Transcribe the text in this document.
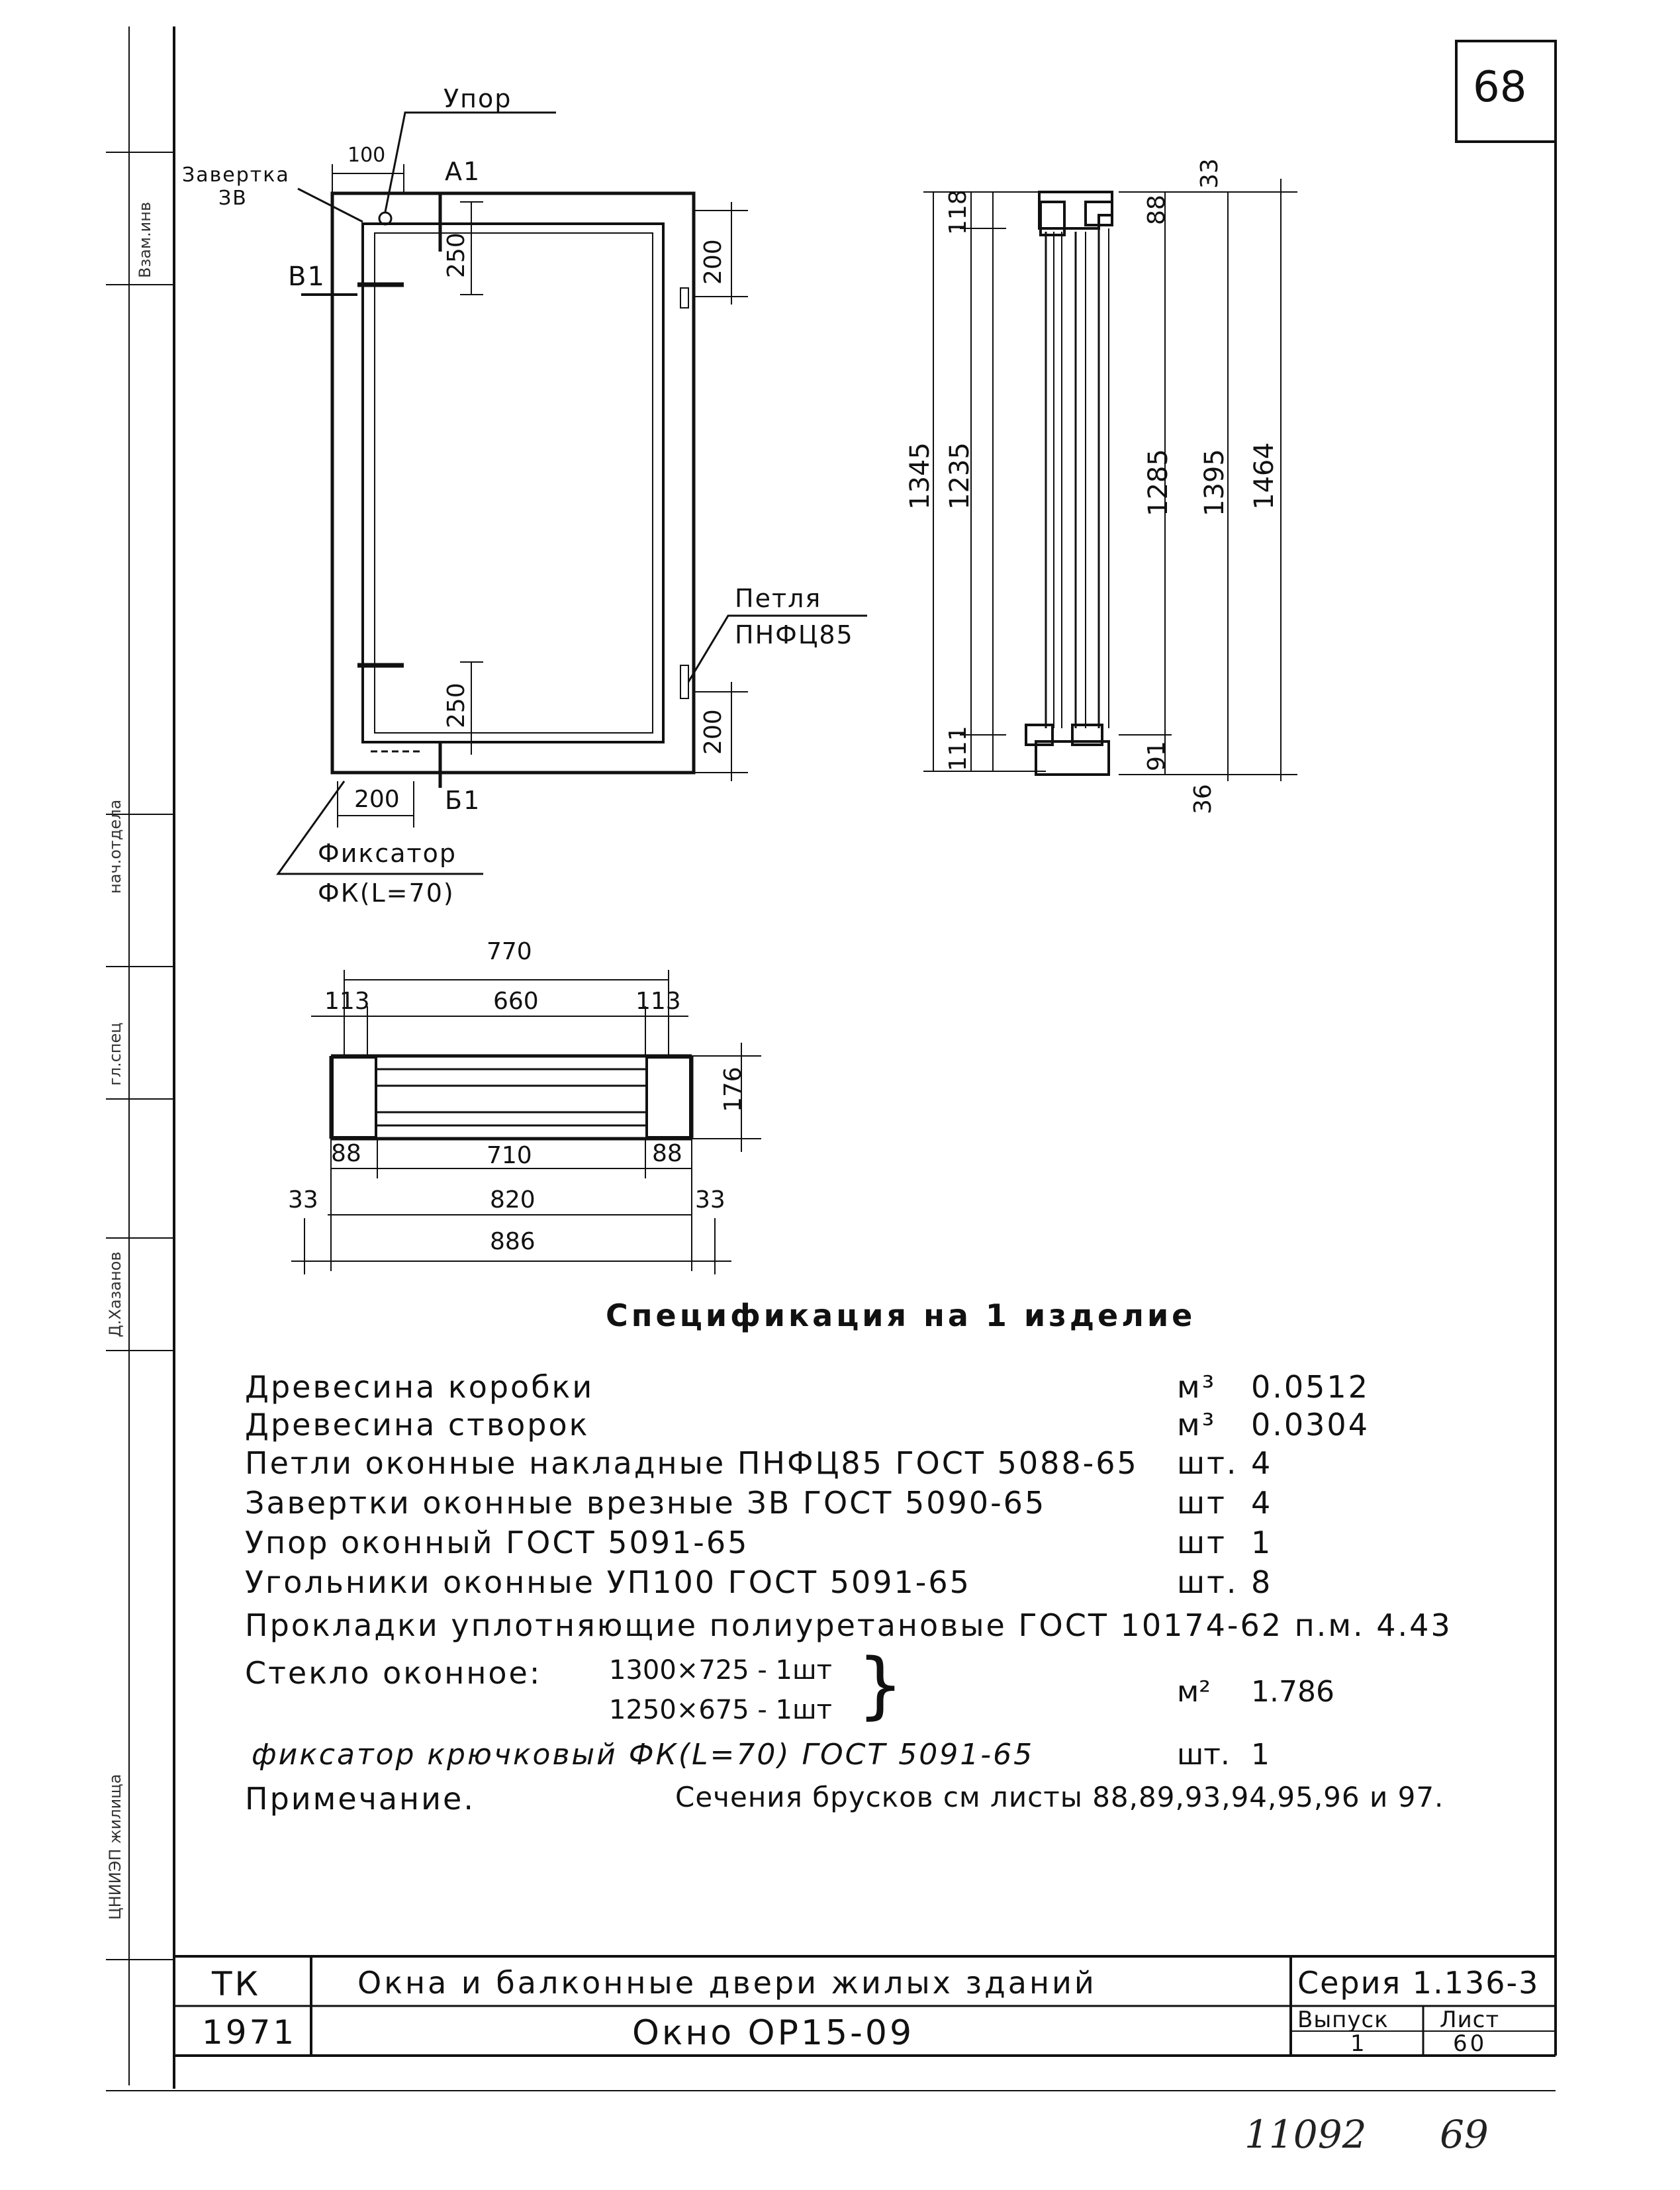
68
Взам.инв
нач.отдела
гл.спец
Д.Хазанов
ЦНИИЭП жилища
Упор
Завертка
ЗВ
100
А1
В1	250	200
Петля
ПНФЦ85
250
200
200 Б1
Фиксатор
ФК(L=70)
118
1345 1235
111
33
88
1285 1395 1464
91
36
770
113	660	113
176
88	710	88
33	820	33
886
Спецификация на 1 изделие
Древесина коробки	м³ 0.0512
Древесина створок	м³ 0.0304
Петли оконные накладные ПНФЦ85 ГОСТ 5088-65 шт. 4
Завертки оконные врезные ЗВ ГОСТ 5090-65	шт 4
Упор оконный ГОСТ 5091-65	шт 1
Угольники оконные УП100 ГОСТ 5091-65	шт. 8
Прокладки уплотняющие полиуретановые ГОСТ 10174-62 п.м. 4.43
Стекло оконное:	1300×725 - 1шт
1250×675 - 1шт }	м² 1.786
фиксатор крючковый ФК(L=70) ГОСТ 5091-65	шт. 1
Примечание.	Сечения брусков см листы 88,89,93,94,95,96 и 97.
ТК
1971
Окна и балконные двери жилых зданий	Серия 1.136-3
Окно ОР15-09	Выпуск
1
Лист
60
11092 69
